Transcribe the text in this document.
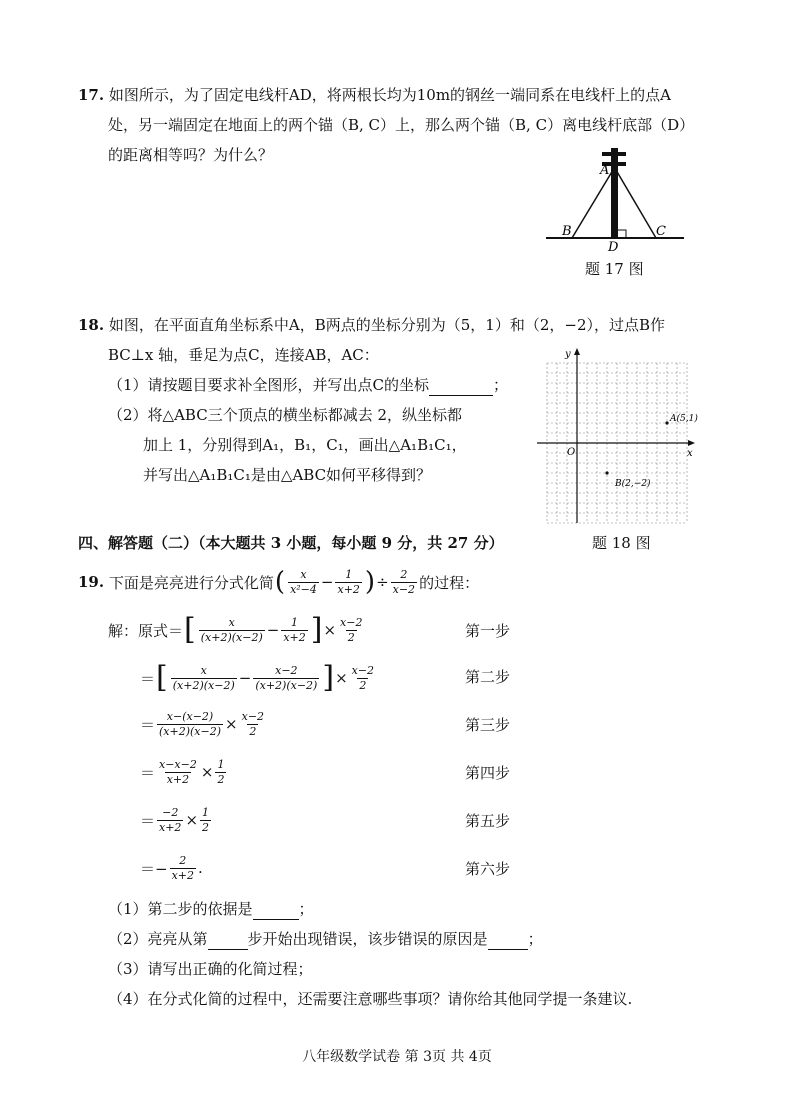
17. 如图所示，为了固定电线杆AD，将两根长均为10m的钢丝一端同系在电线杆上的点A
处，另一端固定在地面上的两个锚（B, C）上，那么两个锚（B, C）离电线杆底部（D）
的距离相等吗？为什么？
A
B	C
D
题 17 图
18. 如图，在平面直角坐标系中A，B两点的坐标分别为（5，1）和（2，−2），过点B作
BC⊥x 轴，垂足为点C，连接AB，AC：
（1）请按题目要求补全图形，并写出点C的坐标	；
（2）将△ABC三个顶点的横坐标都减去 2，纵坐标都
加上 1，分别得到A₁，B₁，C₁，画出△A₁B₁C₁，
并写出△A₁B₁C₁是由△ABC如何平移得到？
y
x
O
A(5,1)
B(2,−2)
题 18 图
四、解答题（二）（本大题共 3 小题，每小题 9 分，共 27 分）
19.
下面是亮亮进行分式化简 ( $\frac{x}{\text{x²−4}} - \frac{1}{x+2}$ ) ÷ $\frac{2}{x-2}$ 的过程：
解：原式＝ [ $\frac{x}{(x+2)(x-2)} - \frac{1}{x+2}$ ] × $\frac{x-2}{2}$	第一步
＝ [ $\frac{x}{(x+2)(x-2)} - \frac{x-2}{(x+2)(x-2)}$ ] × $\frac{x-2}{2}$	第二步
＝ $\frac{x-(x-2)}{(x+2)(x-2)} \times \frac{x-2}{2}$	第三步
＝ $\frac{x-x-2}{x+2} \times \frac{1}{2}$	第四步
＝ $\frac{-2}{x+2} \times \frac{1}{2}$	第五步
＝− $\frac{2}{x+2}$ .	第六步
（1）第二步的依据是	；
（2）亮亮从第	步开始出现错误，该步错误的原因是	；
（3）请写出正确的化简过程；
（4）在分式化简的过程中，还需要注意哪些事项？请你给其他同学提一条建议.
八年级数学试卷 第 3页 共 4页
